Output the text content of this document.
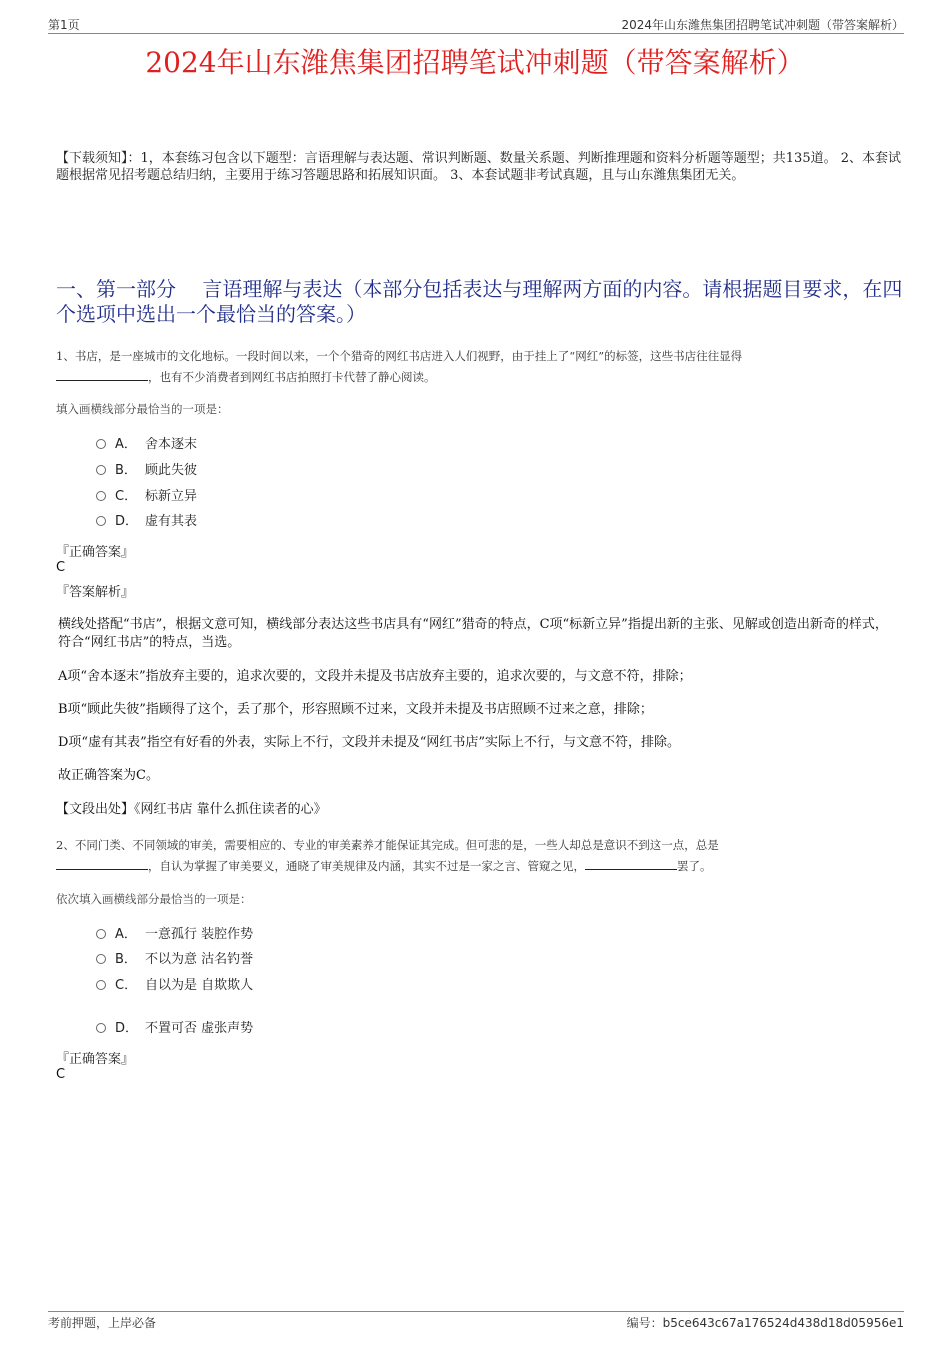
第1页	2024年山东潍焦集团招聘笔试冲刺题（带答案解析）
2024年山东潍焦集团招聘笔试冲刺题（带答案解析）
【下载须知】：1，本套练习包含以下题型：言语理解与表达题、常识判断题、数量关系题、判断推理题和资料分析题等题型；共135道。 2、本套试题根据常见招考题总结归纳，主要用于练习答题思路和拓展知识面。 3、本套试题非考试真题，且与山东潍焦集团无关。
一、第一部分　 言语理解与表达（本部分包括表达与理解两方面的内容。请根据题目要求，在四个选项中选出一个最恰当的答案。）
1、书店，是一座城市的文化地标。一段时间以来，一个个猎奇的网红书店进入人们视野，由于挂上了“网红”的标签，这些书店往往显得
，也有不少消费者到网红书店拍照打卡代替了静心阅读。
填入画横线部分最恰当的一项是：
A． 舍本逐末
B． 顾此失彼
C． 标新立异
D． 虚有其表
『正确答案』
C
『答案解析』
横线处搭配“书店”，根据文意可知，横线部分表达这些书店具有“网红”猎奇的特点，C项“标新立异”指提出新的主张、见解或创造出新奇的样式，符合“网红书店”的特点，当选。
A项“舍本逐末”指放弃主要的，追求次要的，文段并未提及书店放弃主要的，追求次要的，与文意不符，排除；
B项“顾此失彼”指顾得了这个，丢了那个，形容照顾不过来，文段并未提及书店照顾不过来之意，排除；
D项“虚有其表”指空有好看的外表，实际上不行，文段并未提及“网红书店”实际上不行，与文意不符，排除。
故正确答案为C。
【文段出处】《网红书店 靠什么抓住读者的心》
2、不同门类、不同领域的审美，需要相应的、专业的审美素养才能保证其完成。但可悲的是，一些人却总是意识不到这一点，总是
，自认为掌握了审美要义，通晓了审美规律及内涵，其实不过是一家之言、管窥之见，	罢了。
依次填入画横线部分最恰当的一项是：
A． 一意孤行 装腔作势
B． 不以为意 沽名钓誉
C． 自以为是 自欺欺人
D． 不置可否 虚张声势
『正确答案』
C
考前押题，上岸必备	编号：b5ce643c67a176524d438d18d05956e1
